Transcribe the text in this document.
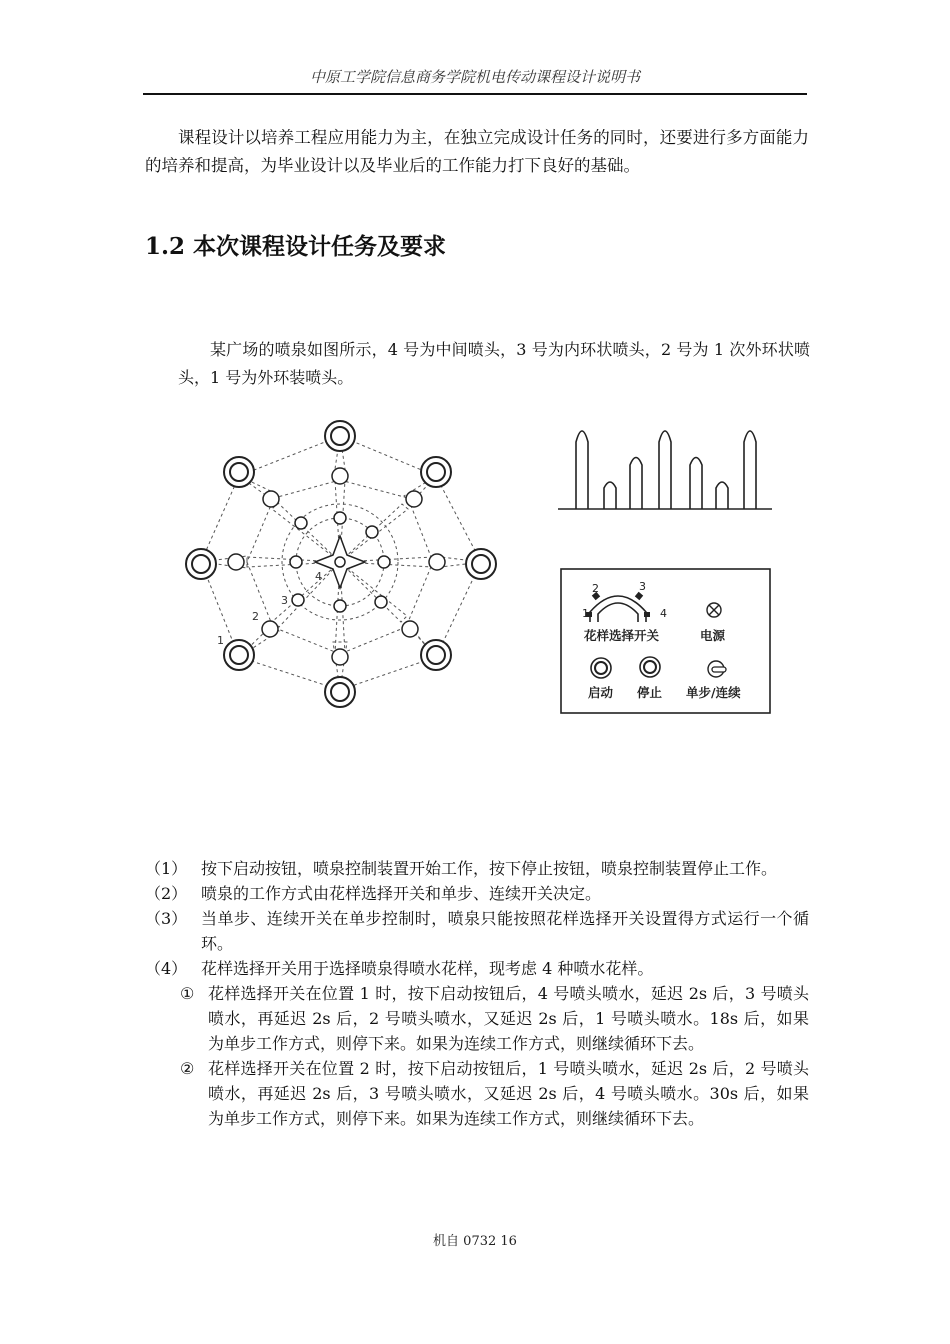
中原工学院信息商务学院机电传动课程设计说明书
课程设计以培养工程应用能力为主，在独立完成设计任务的同时，还要进行多方面能力的培养和提高，为毕业设计以及毕业后的工作能力打下良好的基础。
1.2 本次课程设计任务及要求
某广场的喷泉如图所示，4 号为中间喷头，3 号为内环状喷头，2 号为 1 次外环状喷头，1 号为外环装喷头。
1
2
3
4
1
2	3
4
花样选择开关	电源
启动 停止 单步/连续
（1） 按下启动按钮，喷泉控制装置开始工作，按下停止按钮，喷泉控制装置停止工作。
（2） 喷泉的工作方式由花样选择开关和单步、连续开关决定。
（3） 当单步、连续开关在单步控制时，喷泉只能按照花样选择开关设置得方式运行一个循环。
（4） 花样选择开关用于选择喷泉得喷水花样，现考虑 4 种喷水花样。
① 花样选择开关在位置 1 时，按下启动按钮后，4 号喷头喷水，延迟 2s 后，3 号喷头喷水，再延迟 2s 后，2 号喷头喷水，又延迟 2s 后，1 号喷头喷水。18s 后，如果为单步工作方式，则停下来。如果为连续工作方式，则继续循环下去。
② 花样选择开关在位置 2 时，按下启动按钮后，1 号喷头喷水，延迟 2s 后，2 号喷头喷水，再延迟 2s 后，3 号喷头喷水，又延迟 2s 后，4 号喷头喷水。30s 后，如果为单步工作方式，则停下来。如果为连续工作方式，则继续循环下去。
机自 0732 16
